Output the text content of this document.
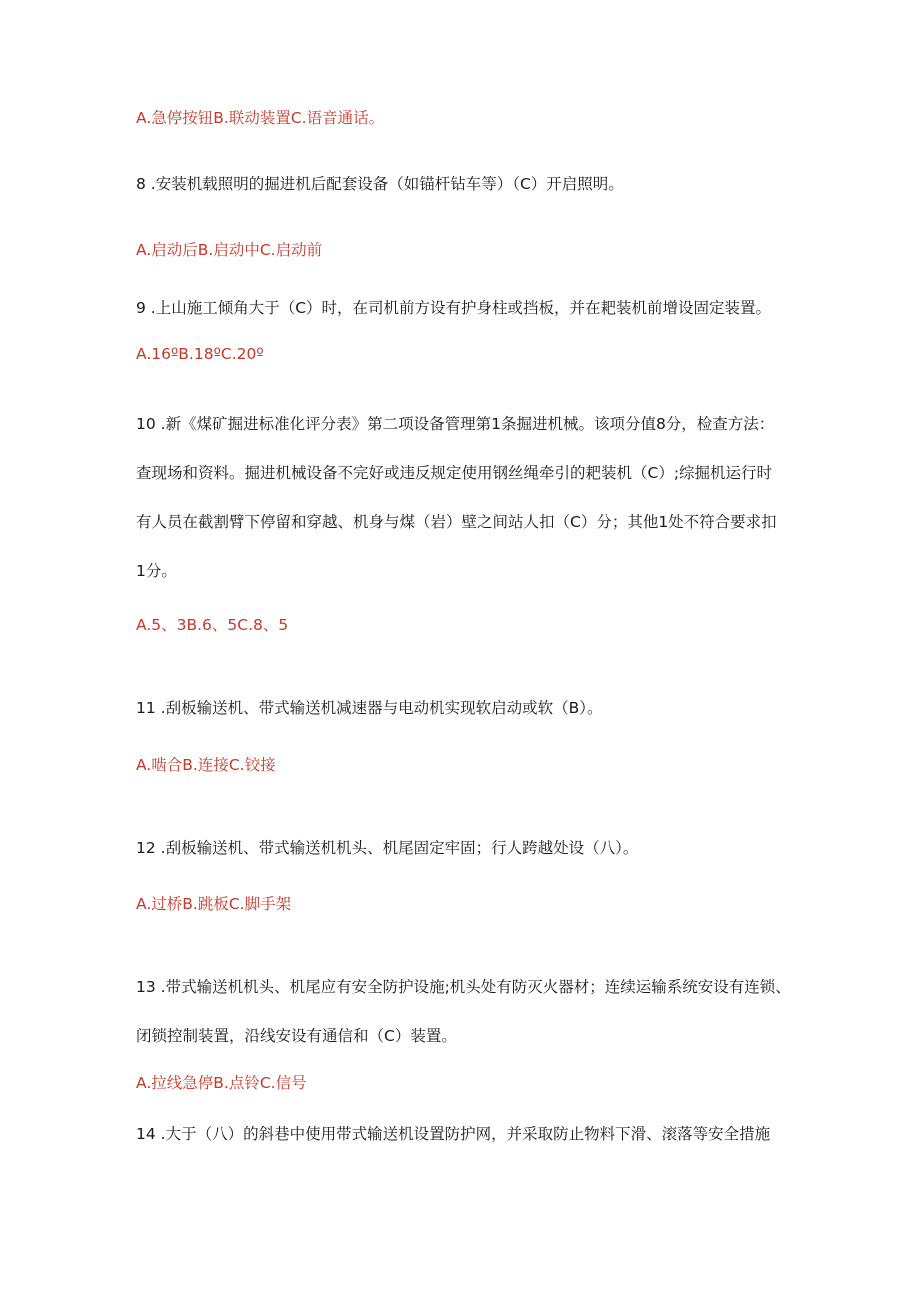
A.急停按钮B.联动装置C.语音通话。
8 .安装机载照明的掘进机后配套设备（如锚杆钻车等）（C）开启照明。
A.启动后B.启动中C.启动前
9 .上山施工倾角大于（C）时，在司机前方设有护身柱或挡板，并在耙装机前增设固定装置。
A.16ºB.18ºC.20º
10 .新《煤矿掘进标准化评分表》第二项设备管理第1条掘进机械。该项分值8分，检查方法：
查现场和资料。掘进机械设备不完好或违反规定使用钢丝绳牵引的耙装机（C）;综掘机运行时
有人员在截割臂下停留和穿越、机身与煤（岩）壁之间站人扣（C）分；其他1处不符合要求扣
1分。
A.5、3B.6、5C.8、5
11 .刮板输送机、带式输送机减速器与电动机实现软启动或软（B）。
A.啮合B.连接C.铰接
12 .刮板输送机、带式输送机机头、机尾固定牢固；行人跨越处设（八）。
A.过桥B.跳板C.脚手架
13 .带式输送机机头、机尾应有安全防护设施;机头处有防灭火器材；连续运输系统安设有连锁、
闭锁控制装置，沿线安设有通信和（C）装置。
A.拉线急停B.点铃C.信号
14 .大于（八）的斜巷中使用带式输送机设置防护网，并采取防止物料下滑、滚落等安全措施
